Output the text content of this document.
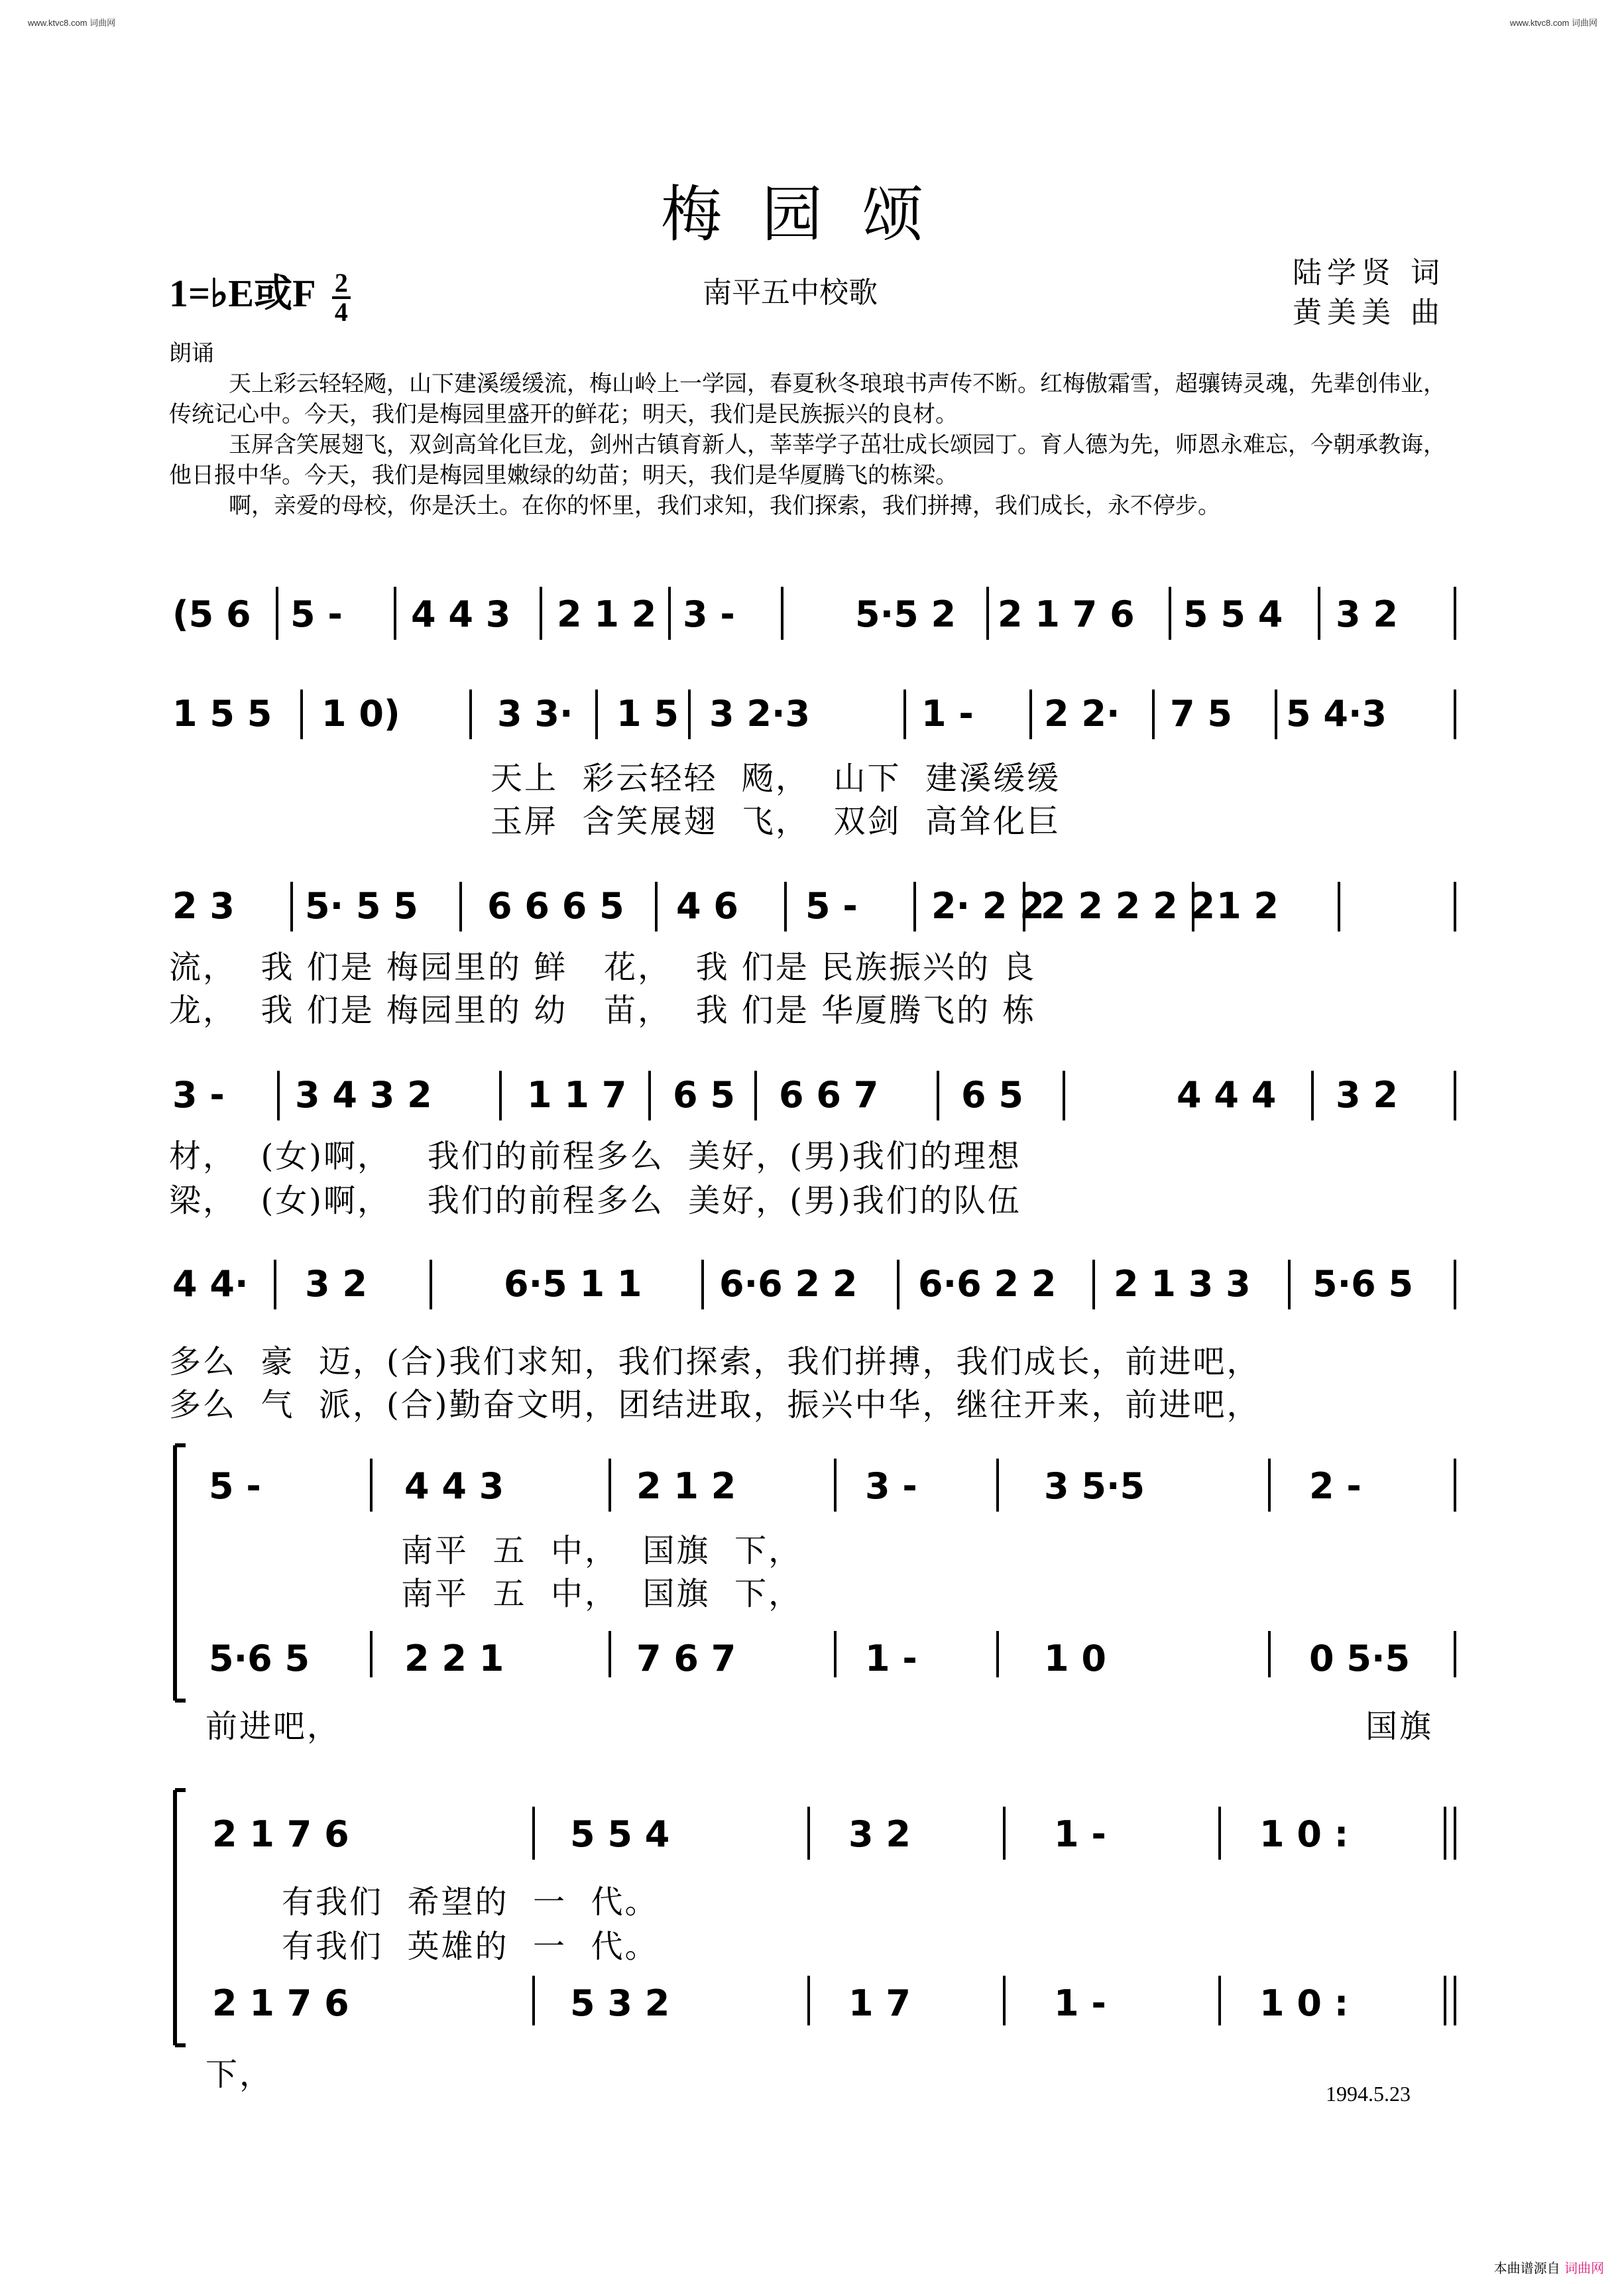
www.ktvc8.com 词曲网	www.ktvc8.com 词曲网
梅园颂
1=♭E或F $\frac{2}{4}$	南平五中校歌
陆学贤 词
黄美美 曲

朗诵

天上彩云轻轻飏，山下建溪缓缓流，梅山岭上一学园，春夏秋冬琅琅书声传不断。红梅傲霜雪，超骧铸灵魂，先辈创伟业，传统记心中。今天，我们是梅园里盛开的鲜花；明天，我们是民族振兴的良材。

玉屏含笑展翅飞，双剑高耸化巨龙，剑州古镇育新人，莘莘学子茁壮成长颂园丁。育人德为先，师恩永难忘，今朝承教诲，他日报中华。今天，我们是梅园里嫩绿的幼苗；明天，我们是华厦腾飞的栋梁。

啊，亲爱的母校，你是沃土。在你的怀里，我们求知，我们探索，我们拼搏，我们成长，永不停步。

(5 6 5 - 4 4 3 2 1 2 3 -	5·5 2 2 1 7 6 5 5 4 3 2
1 5 5 1 0)	3 3· 1 5 3 2·3	1 - 2 2· 7 5 5 4·3
天上  彩云轻轻  飏，  山下  建溪缓缓
玉屏  含笑展翅  飞，  双剑  高耸化巨
2 3 5· 5 5 6 6 6 5 4 6 5 - 2· 2 2
2 2 2 2 2 1 2
流，  我 们是 梅园里的 鲜   花，  我 们是 民族振兴的 良
龙，  我 们是 梅园里的 幼   苗，  我 们是 华厦腾飞的 栋
3 - 3 4 3 2	1 1 7 6 5 6 6 7 6 5	4 4 4 3 2
材，  (女)啊，   我们的前程多么  美好，(男)我们的理想
梁，  (女)啊，   我们的前程多么  美好，(男)我们的队伍
4 4· 3 2	6·5 1 1 6·6 2 2 6·6 2 2 2 1 3 3 5·6 5
多么  豪  迈，(合)我们求知，我们探索，我们拼搏，我们成长，前进吧，
多么  气  派，(合)勤奋文明，团结进取，振兴中华，继往开来，前进吧，
5 -	4 4 3	2 1 2	3 -	3 5·5	2 -
5·6 5	2 2 1	7 6 7	1 -	1 0	0 5·5
南平  五  中，  国旗  下，
南平  五  中，  国旗  下，
前进吧，	国旗
2 1 7 6	5 5 4	3 2	1 -	1 0 :
2 1 7 6	5 3 2	1 7	1 -	1 0 :
有我们  希望的  一  代。
有我们  英雄的  一  代。
下，
1994.5.23
本曲谱源自 词曲网
